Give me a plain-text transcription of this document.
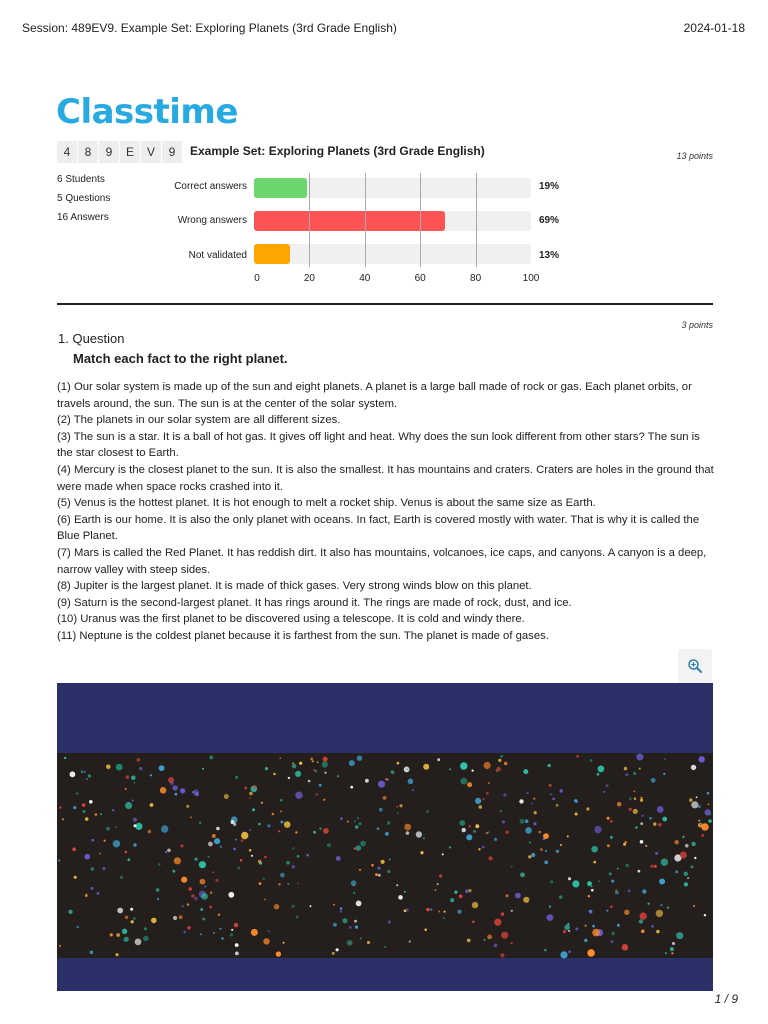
Session: 489EV9. Example Set: Exploring Planets (3rd Grade English)	2024-01-18
Classtime
4	8	9	E	V	9	Example Set: Exploring Planets (3rd Grade English)	13 points
6 Students
5 Questions
16 Answers
Correct answers	19%
Wrong answers	69%
Not validated	13%
0	20	40	60	80	100
3 points
1. Question
Match each fact to the right planet.
(1) Our solar system is made up of the sun and eight planets. A planet is a large ball made of rock or gas. Each planet orbits, or travels around, the sun. The sun is at the center of the solar system.
(2) The planets in our solar system are all different sizes.
(3) The sun is a star. It is a ball of hot gas. It gives off light and heat. Why does the sun look different from other stars? The sun is the star closest to Earth.
(4) Mercury is the closest planet to the sun. It is also the smallest. It has mountains and craters. Craters are holes in the ground that were made when space rocks crashed into it.
(5) Venus is the hottest planet. It is hot enough to melt a rocket ship. Venus is about the same size as Earth.
(6) Earth is our home. It is also the only planet with oceans. In fact, Earth is covered mostly with water. That is why it is called the Blue Planet.
(7) Mars is called the Red Planet. It has reddish dirt. It also has mountains, volcanoes, ice caps, and canyons. A canyon is a deep, narrow valley with steep sides.
(8) Jupiter is the largest planet. It is made of thick gases. Very strong winds blow on this planet.
(9) Saturn is the second-largest planet. It has rings around it. The rings are made of rock, dust, and ice.
(10) Uranus was the first planet to be discovered using a telescope. It is cold and windy there.
(11) Neptune is the coldest planet because it is farthest from the sun. The planet is made of gases.
1 / 9
